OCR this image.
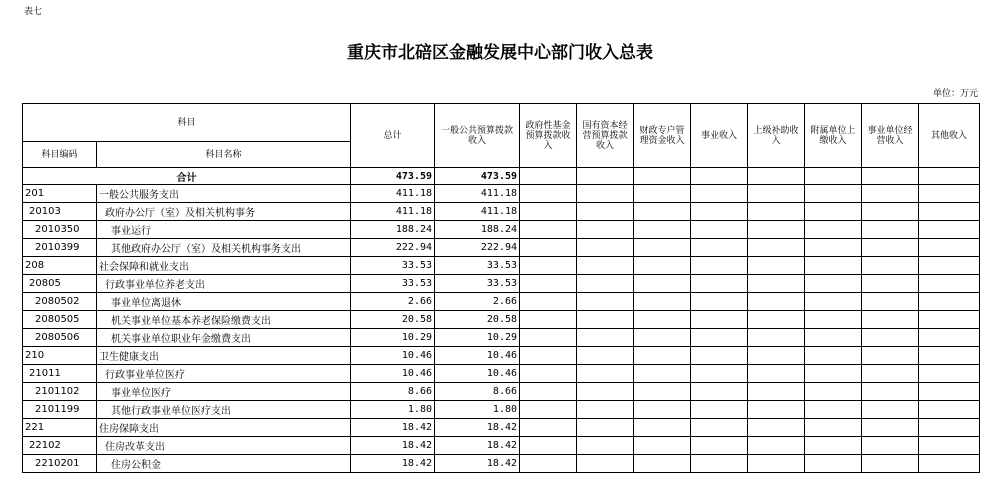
表七
重庆市北碚区金融发展中心部门收入总表
单位：万元
科目		总计	一般公共预算拨款收入	政府性基金预算拨款收入	国有资本经营预算拨款收入	财政专户管理资金收入	事业收入	上级补助收入	附属单位上缴收入	事业单位经营收入	其他收入
科目编码	科目名称										
合计		473.59	473.59								
201	一般公共服务支出	411.18	411.18								
20103	政府办公厅（室）及相关机构事务	411.18	411.18								
2010350	事业运行	188.24	188.24								
2010399	其他政府办公厅（室）及相关机构事务支出	222.94	222.94								
208	社会保障和就业支出	33.53	33.53								
20805	行政事业单位养老支出	33.53	33.53								
2080502	事业单位离退休	2.66	2.66								
2080505	机关事业单位基本养老保险缴费支出	20.58	20.58								
2080506	机关事业单位职业年金缴费支出	10.29	10.29								
210	卫生健康支出	10.46	10.46								
21011	行政事业单位医疗	10.46	10.46								
2101102	事业单位医疗	8.66	8.66								
2101199	其他行政事业单位医疗支出	1.80	1.80								
221	住房保障支出	18.42	18.42								
22102	住房改革支出	18.42	18.42								
2210201	住房公积金	18.42	18.42								
